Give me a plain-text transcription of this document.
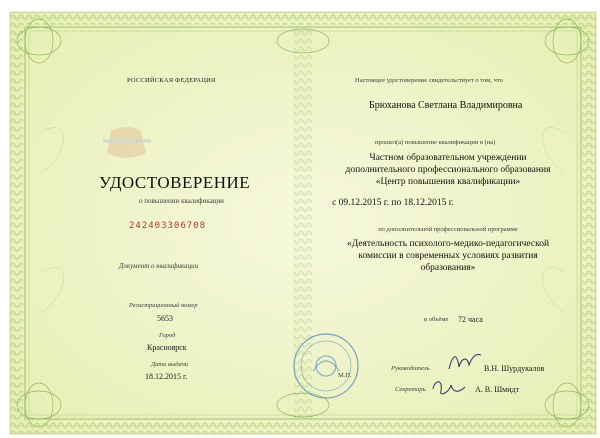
РОССИЙСКАЯ ФЕДЕРАЦИЯ
УДОСТОВЕРЕНИЕ
о повышении квалификации
242403306708
Документ о квалификации
Регистрационный номер
5653
Город
Красноярск
Дата выдачи
18.12.2015 г.
Настоящее удостоверение свидетельствует о том, что
Брюханова Светлана Владимировна
прошел(а) повышение квалификации в (на)
Частном образовательном учреждении
дополнительного профессионального образования
«Центр повышения квалификации»
с 09.12.2015 г. по 18.12.2015 г.
по дополнительной профессиональной программе
«Деятельность психолого-медико-педагогической
комиссии в современных условиях развития
образования»
в объёме 72 часа
М.П.
Руководитель	В.Н. Шурдукалов
Секретарь	А. В. Шмидт
